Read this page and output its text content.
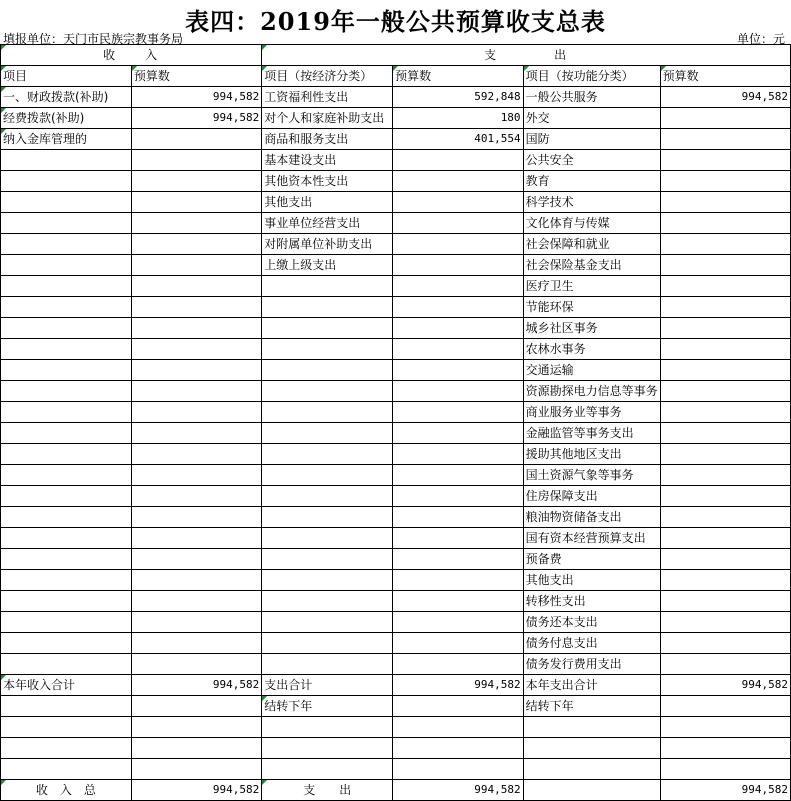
表四：2019年一般公共预算收支总表
填报单位：天门市民族宗教事务局	单位：元
收　　入		支　　　　出			
项目	预算数	项目（按经济分类）	预算数	项目（按功能分类）	预算数
一、财政拨款(补助)	994,582	工资福利性支出	592,848	一般公共服务	994,582
经费拨款(补助)	994,582	对个人和家庭补助支出	180	外交	
纳入金库管理的		商品和服务支出	401,554	国防	
		基本建设支出		公共安全	
		其他资本性支出		教育	
		其他支出		科学技术	
		事业单位经营支出		文化体育与传媒	
		对附属单位补助支出		社会保障和就业	
		上缴上级支出		社会保险基金支出	
				医疗卫生	
				节能环保	
				城乡社区事务	
				农林水事务	
				交通运输	
				资源勘探电力信息等事务	
				商业服务业等事务	
				金融监管等事务支出	
				援助其他地区支出	
				国土资源气象等事务	
				住房保障支出	
				粮油物资储备支出	
				国有资本经营预算支出	
				预备费	
				其他支出	
				转移性支出	
				债务还本支出	
				债务付息支出	
				债务发行费用支出	
本年收入合计	994,582	支出合计	994,582	本年支出合计	994,582
		结转下年		结转下年	

收　入　总	994,582	支　　出	994,582		994,582
